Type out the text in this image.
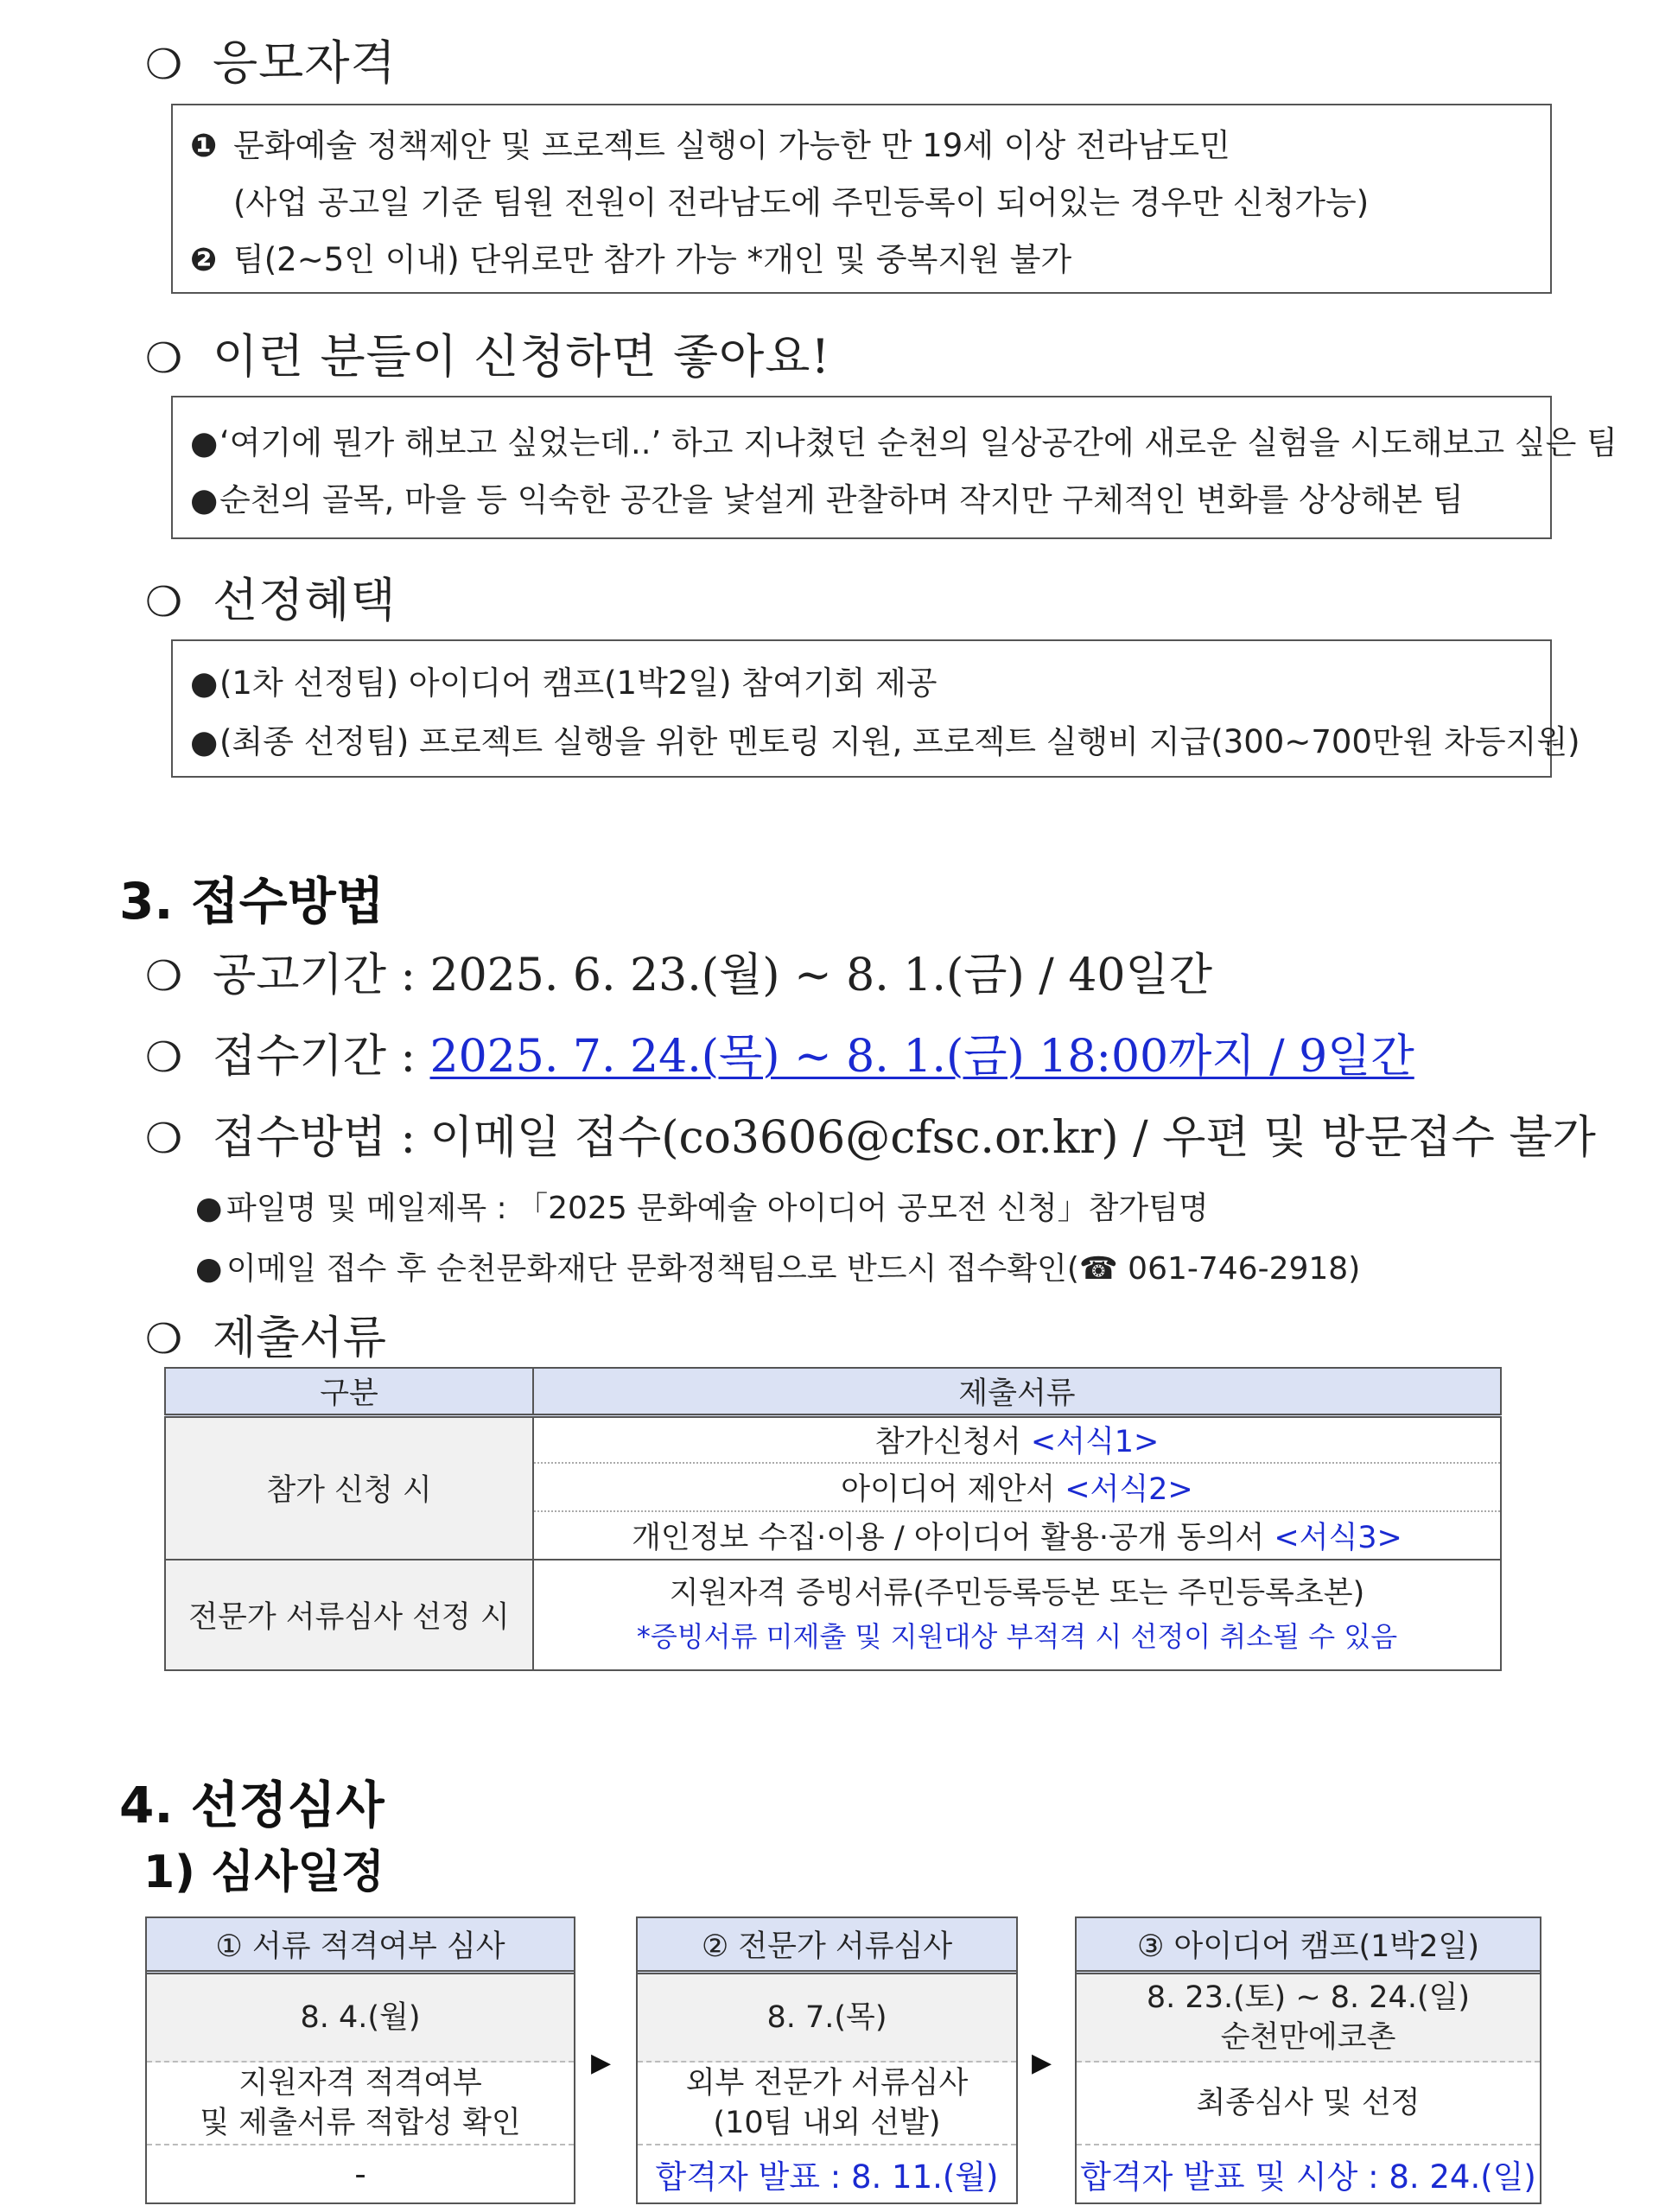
❍ 응모자격
❶ 문화예술 정책제안 및 프로젝트 실행이 가능한 만 19세 이상 전라남도민
(사업 공고일 기준 팀원 전원이 전라남도에 주민등록이 되어있는 경우만 신청가능)
❷ 팀(2~5인 이내) 단위로만 참가 가능 *개인 및 중복지원 불가
❍ 이런 분들이 신청하면 좋아요!
●‘여기에 뭔가 해보고 싶었는데..’ 하고 지나쳤던 순천의 일상공간에 새로운 실험을 시도해보고 싶은 팀
●순천의 골목, 마을 등 익숙한 공간을 낯설게 관찰하며 작지만 구체적인 변화를 상상해본 팀
❍ 선정혜택
●(1차 선정팀) 아이디어 캠프(1박2일) 참여기회 제공
●(최종 선정팀) 프로젝트 실행을 위한 멘토링 지원, 프로젝트 실행비 지급(300~700만원 차등지원)
3. 접수방법
❍ 공고기간 : 2025. 6. 23.(월) ~ 8. 1.(금) / 40일간
❍ 접수기간 : 2025. 7. 24.(목) ~ 8. 1.(금) 18:00까지 / 9일간
❍ 접수방법 : 이메일 접수(co3606@cfsc.or.kr) / 우편 및 방문접수 불가
● 파일명 및 메일제목 : 「2025 문화예술 아이디어 공모전 신청」참가팀명
● 이메일 접수 후 순천문화재단 문화정책팀으로 반드시 접수확인(☎ 061-746-2918)
❍ 제출서류
구분	제출서류
참가 신청 시	참가신청서 <서식1>
	아이디어 제안서 <서식2>
	개인정보 수집·이용 / 아이디어 활용·공개 동의서 <서식3>
전문가 서류심사 선정 시	지원자격 증빙서류(주민등록등본 또는 주민등록초본)
*증빙서류 미제출 및 지원대상 부적격 시 선정이 취소될 수 있음
4. 선정심사
1) 심사일정
① 서류 적격여부 심사
8. 4.(월)
지원자격 적격여부
및 제출서류 적합성 확인
-
▶
② 전문가 서류심사
8. 7.(목)
외부 전문가 서류심사
(10팀 내외 선발)
합격자 발표 : 8. 11.(월)
▶
③ 아이디어 캠프(1박2일)
8. 23.(토) ~ 8. 24.(일)
순천만에코촌
최종심사 및 선정
합격자 발표 및 시상 : 8. 24.(일)
